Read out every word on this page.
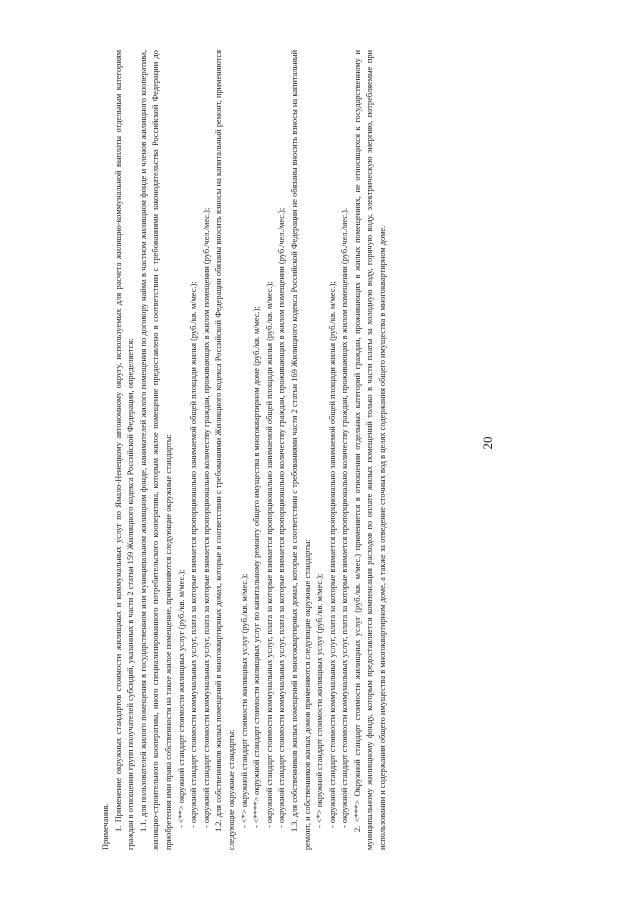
20

Примечания. 1. Применение окружных стандартов стоимости жилищных и коммунальных услуг по Ямало-Ненецкому автономному округу, используемых для расчета жилищно-коммунальной выплаты отдельным категориям граждан в отношении групп получателей субсидий, указанных в части 2 статьи 159 Жилищного кодекса Российской Федерации, определяется: 1.1. для пользователей жилого помещения в государственном или муниципальном жилищном фонде, нанимателей жилого помещения по договору найма в частном жилищном фонде и членов жилищного кооператива, жилищно-строительного кооператива, иного специализированного потребительского кооператива, которым жилое помещение предоставлено в соответствии с требованиями законодательства Российской Федерации до приобретения ими права собственности на такое жилое помещение, применяются следующие окружные стандарты: - <**> окружной стандарт стоимости жилищных услуг (руб./кв. м/мес.); - окружной стандарт стоимости коммунальных услуг, плата за которые взимается пропорционально занимаемой общей площади жилья (руб./кв. м/мес.); - окружной стандарт стоимости коммунальных услуг, плата за которые взимается пропорционально количеству граждан, проживающих в жилом помещении (руб./чел./мес.); 1.2. для собственников жилых помещений в многоквартирных домах, которые в соответствии с требованиями Жилищного кодекса Российской Федерации обязаны вносить взносы на капитальный ремонт, применяются следующие окружные стандарты: - <*> окружной стандарт стоимости жилищных услуг (руб./кв. м/мес.); - <****> окружной стандарт стоимости жилищных услуг по капитальному ремонту общего имущества в многоквартирном доме (руб./кв. м/мес.); - окружной стандарт стоимости коммунальных услуг, плата за которые взимается пропорционально занимаемой общей площади жилья (руб./кв. м/мес.); - окружной стандарт стоимости коммунальных услуг, плата за которые взимается пропорционально количеству граждан, проживающих в жилом помещении (руб./чел./мес.); 1.3. для собственников жилых помещений в многоквартирных домах, которые в соответствии с требованиями части 2 статьи 169 Жилищного кодекса Российской Федерации не обязаны вносить взносы на капитальный ремонт, и собственников жилых домов применяются следующие окружные стандарты: - <*> окружной стандарт стоимости жилищных услуг (руб./кв. м/мес.); - окружной стандарт стоимости коммунальных услуг, плата за которые взимается пропорционально занимаемой общей площади жилья (руб./кв. м/мес.); - окружной стандарт стоимости коммунальных услуг, плата за которые взимается пропорционально количеству граждан, проживающих в жилом помещении (руб./чел./мес.). 2. <***> Окружной стандарт стоимости жилищных услуг (руб./кв. м/мес.) применяется в отношении отдельных категорий граждан, проживающих в жилых помещениях, не относящихся к государственному и муниципальному жилищному фонду, которым предоставляется компенсация расходов по оплате жилых помещений только в части платы за холодную воду, горячую воду, электрическую энергию, потребляемые при использовании и содержании общего имущества в многоквартирном доме, а также за отведение сточных вод в целях содержания общего имущества в многоквартирном доме.
